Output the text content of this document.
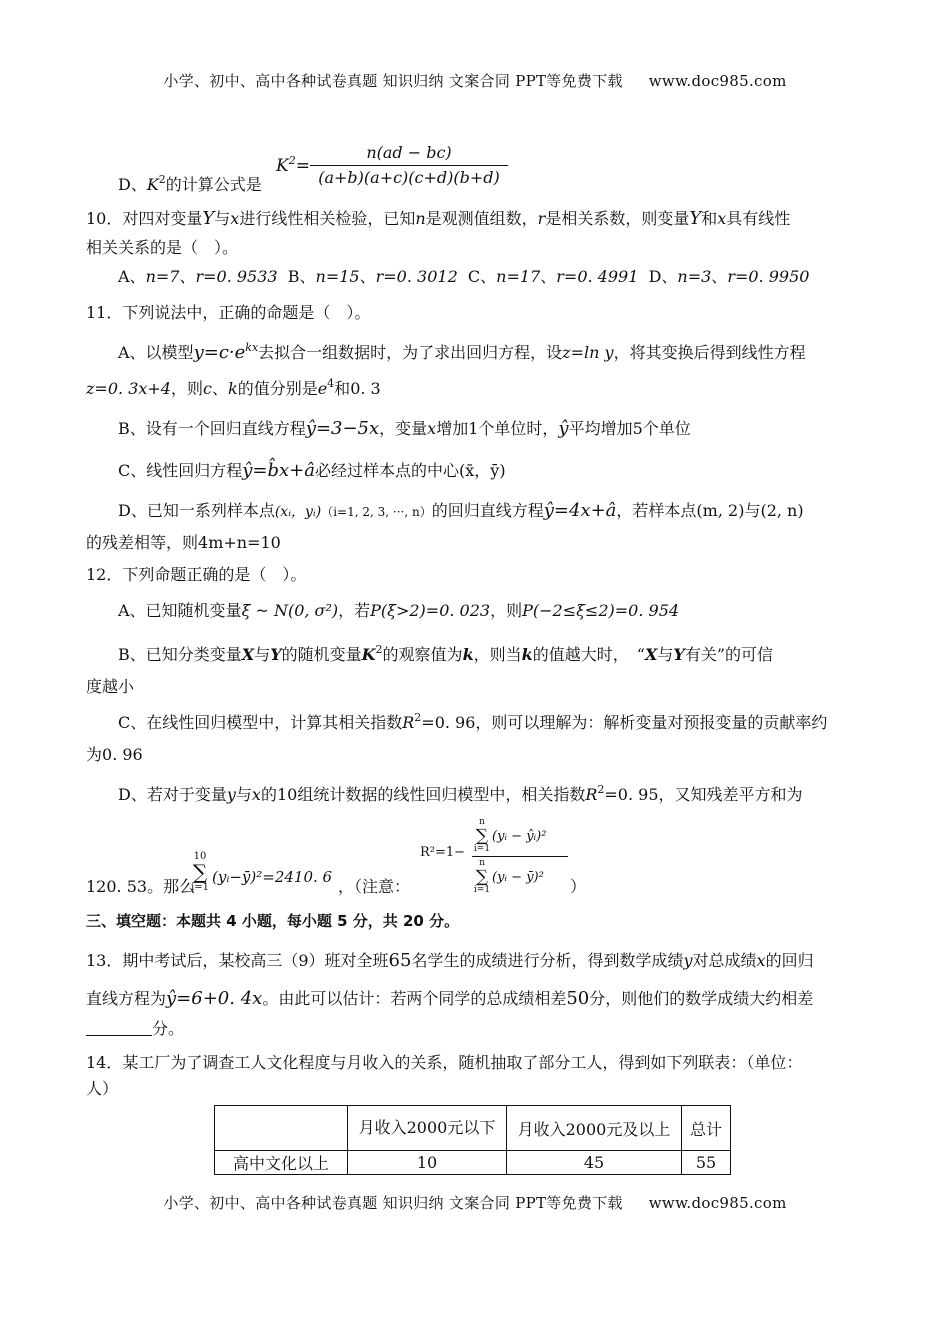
小学、初中、高中各种试卷真题 知识归纳 文案合同 PPT等免费下载 www.doc985.com
D、$K^2$的计算公式是
$K^2= \frac{n(ad - bc)}{(a+b)(a+c)(c+d)(b+d)}$
10．对四对变量Y与x进行线性相关检验，已知n是观测值组数，r是相关系数，则变量Y和x具有线性
相关关系的是（　）。
A、n=7、r=0. 9533 B、n=15、r=0. 3012 C、n=17、r=0. 4991 D、n=3、r=0. 9950
11．下列说法中，正确的命题是（　）。
A、以模型$y=c\cdot e^{kx}$去拟合一组数据时，为了求出回归方程，设z=ln y，将其变换后得到线性方程
z=0. 3x+4，则c、k的值分别是$e^4$和0. 3
B、设有一个回归直线方程ŷ=3−5x，变量x增加1个单位时，ŷ平均增加5个单位
C、线性回归方程ŷ=b̂x+â必经过样本点的中心(x̄，ȳ)
D、已知一系列样本点(xᵢ，yᵢ)（i=1, 2, 3, ···, n）的回归直线方程ŷ=4x+â，若样本点(m, 2)与(2, n)
的残差相等，则4m+n=10
12．下列命题正确的是（　）。
A、已知随机变量ξ ~ N(0, σ²)，若P(ξ>2)=0. 023，则P(−2≤ξ≤2)=0. 954
B、已知分类变量X与Y的随机变量$K^2$的观察值为k，则当k的值越大时，　“X与Y有关”的可信
度越小
C、在线性回归模型中，计算其相关指数$R^2=0$. 96，则可以理解为：解析变量对预报变量的贡献率约
为0. 96
D、若对于变量y与x的10组统计数据的线性回归模型中，相关指数$R^2=0$. 95，又知残差平方和为
120. 53。那么
10
∑
i=1
(yᵢ−ȳ)²=2410. 6 ，（注意：
R²=1−
n
∑
i=1
(yᵢ − ŷᵢ)²
n
∑
i=1
(yᵢ − ȳ)² ）
三、填空题：本题共 4 小题，每小题 5 分，共 20 分。
13．期中考试后，某校高三（9）班对全班65名学生的成绩进行分析，得到数学成绩y对总成绩x的回归
直线方程为ŷ=6+0. 4x。由此可以估计：若两个同学的总成绩相差50分，则他们的数学成绩大约相差
分。
14．某工厂为了调查工人文化程度与月收入的关系，随机抽取了部分工人，得到如下列联表：（单位：
人）
	月收入2000元以下	月收入2000元及以上	总计
高中文化以上	10	45	55
小学、初中、高中各种试卷真题 知识归纳 文案合同 PPT等免费下载 www.doc985.com
